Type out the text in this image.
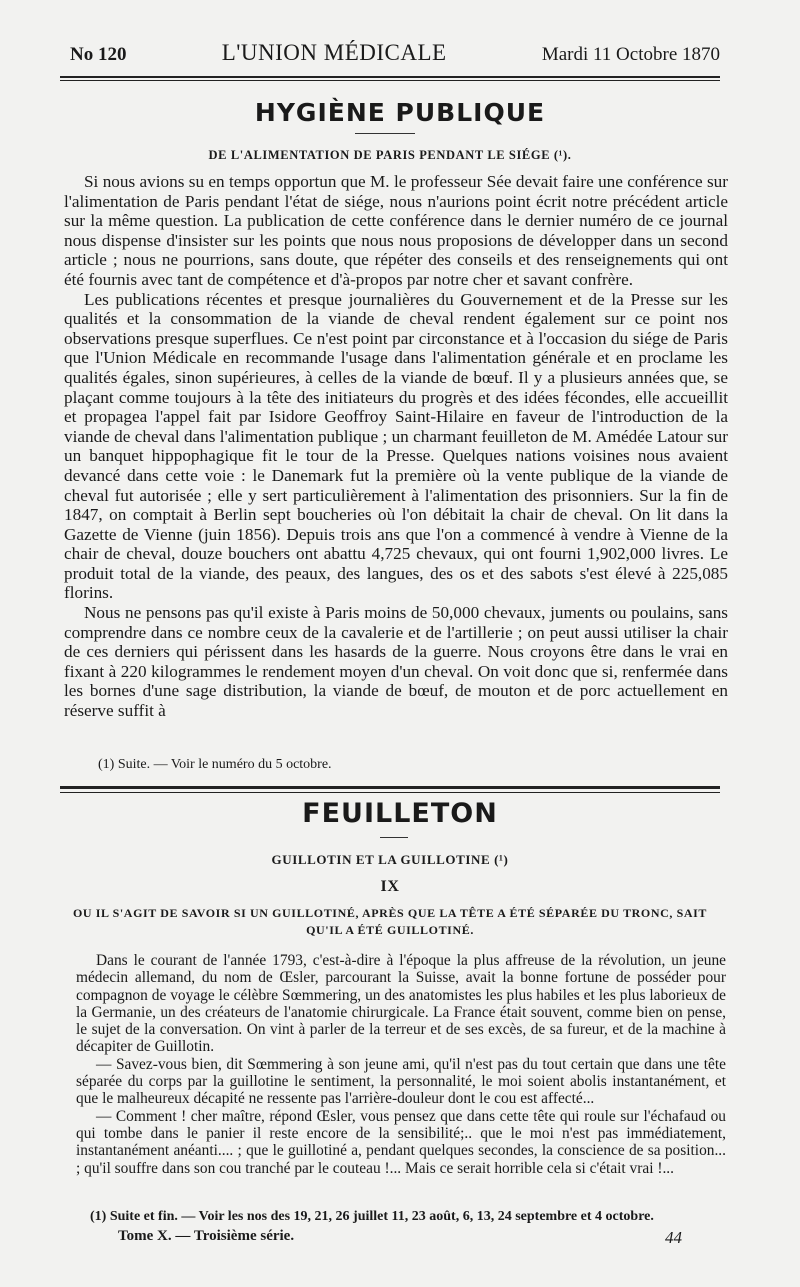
No 120	L'UNION MÉDICALE	Mardi 11 Octobre 1870
HYGIÈNE PUBLIQUE
DE L'ALIMENTATION DE PARIS PENDANT LE SIÉGE (¹).

Si nous avions su en temps opportun que M. le professeur Sée devait faire une conférence sur l'alimentation de Paris pendant l'état de siége, nous n'aurions point écrit notre précédent article sur la même question. La publication de cette conférence dans le dernier numéro de ce journal nous dispense d'insister sur les points que nous nous proposions de développer dans un second article ; nous ne pourrions, sans doute, que répéter des conseils et des renseignements qui ont été fournis avec tant de compétence et d'à-propos par notre cher et savant confrère.

Les publications récentes et presque journalières du Gouvernement et de la Presse sur les qualités et la consommation de la viande de cheval rendent également sur ce point nos observations presque superflues. Ce n'est point par circonstance et à l'occasion du siége de Paris que l'Union Médicale en recommande l'usage dans l'alimentation générale et en proclame les qualités égales, sinon supérieures, à celles de la viande de bœuf. Il y a plusieurs années que, se plaçant comme toujours à la tête des initiateurs du progrès et des idées fécondes, elle accueillit et propagea l'appel fait par Isidore Geoffroy Saint-Hilaire en faveur de l'introduction de la viande de cheval dans l'alimentation publique ; un charmant feuilleton de M. Amédée Latour sur un banquet hippophagique fit le tour de la Presse. Quelques nations voisines nous avaient devancé dans cette voie : le Danemark fut la première où la vente publique de la viande de cheval fut autorisée ; elle y sert particulièrement à l'alimentation des prisonniers. Sur la fin de 1847, on comptait à Berlin sept boucheries où l'on débitait la chair de cheval. On lit dans la Gazette de Vienne (juin 1856). Depuis trois ans que l'on a commencé à vendre à Vienne de la chair de cheval, douze bouchers ont abattu 4,725 chevaux, qui ont fourni 1,902,000 livres. Le produit total de la viande, des peaux, des langues, des os et des sabots s'est élevé à 225,085 florins.

Nous ne pensons pas qu'il existe à Paris moins de 50,000 chevaux, juments ou poulains, sans comprendre dans ce nombre ceux de la cavalerie et de l'artillerie ; on peut aussi utiliser la chair de ces derniers qui périssent dans les hasards de la guerre. Nous croyons être dans le vrai en fixant à 220 kilogrammes le rendement moyen d'un cheval. On voit donc que si, renfermée dans les bornes d'une sage distribution, la viande de bœuf, de mouton et de porc actuellement en réserve suffit à

(1) Suite. — Voir le numéro du 5 octobre.
FEUILLETON
GUILLOTIN ET LA GUILLOTINE (¹)
IX
OU IL S'AGIT DE SAVOIR SI UN GUILLOTINÉ, APRÈS QUE LA TÊTE A ÉTÉ SÉPARÉE DU TRONC, SAIT QU'IL A ÉTÉ GUILLOTINÉ.

Dans le courant de l'année 1793, c'est-à-dire à l'époque la plus affreuse de la révolution, un jeune médecin allemand, du nom de Œsler, parcourant la Suisse, avait la bonne fortune de posséder pour compagnon de voyage le célèbre Sœmmering, un des anatomistes les plus habiles et les plus laborieux de la Germanie, un des créateurs de l'anatomie chirurgicale. La France était souvent, comme bien on pense, le sujet de la conversation. On vint à parler de la terreur et de ses excès, de sa fureur, et de la machine à décapiter de Guillotin.

— Savez-vous bien, dit Sœmmering à son jeune ami, qu'il n'est pas du tout certain que dans une tête séparée du corps par la guillotine le sentiment, la personnalité, le moi soient abolis instantanément, et que le malheureux décapité ne ressente pas l'arrière-douleur dont le cou est affecté...

— Comment ! cher maître, répond Œsler, vous pensez que dans cette tête qui roule sur l'échafaud ou qui tombe dans le panier il reste encore de la sensibilité;.. que le moi n'est pas immédiatement, instantanément anéanti.... ; que le guillotiné a, pendant quelques secondes, la conscience de sa position... ; qu'il souffre dans son cou tranché par le couteau !... Mais ce serait horrible cela si c'était vrai !...

(1) Suite et fin. — Voir les nos des 19, 21, 26 juillet 11, 23 août, 6, 13, 24 septembre et 4 octobre.
Tome X. — Troisième série.	44
